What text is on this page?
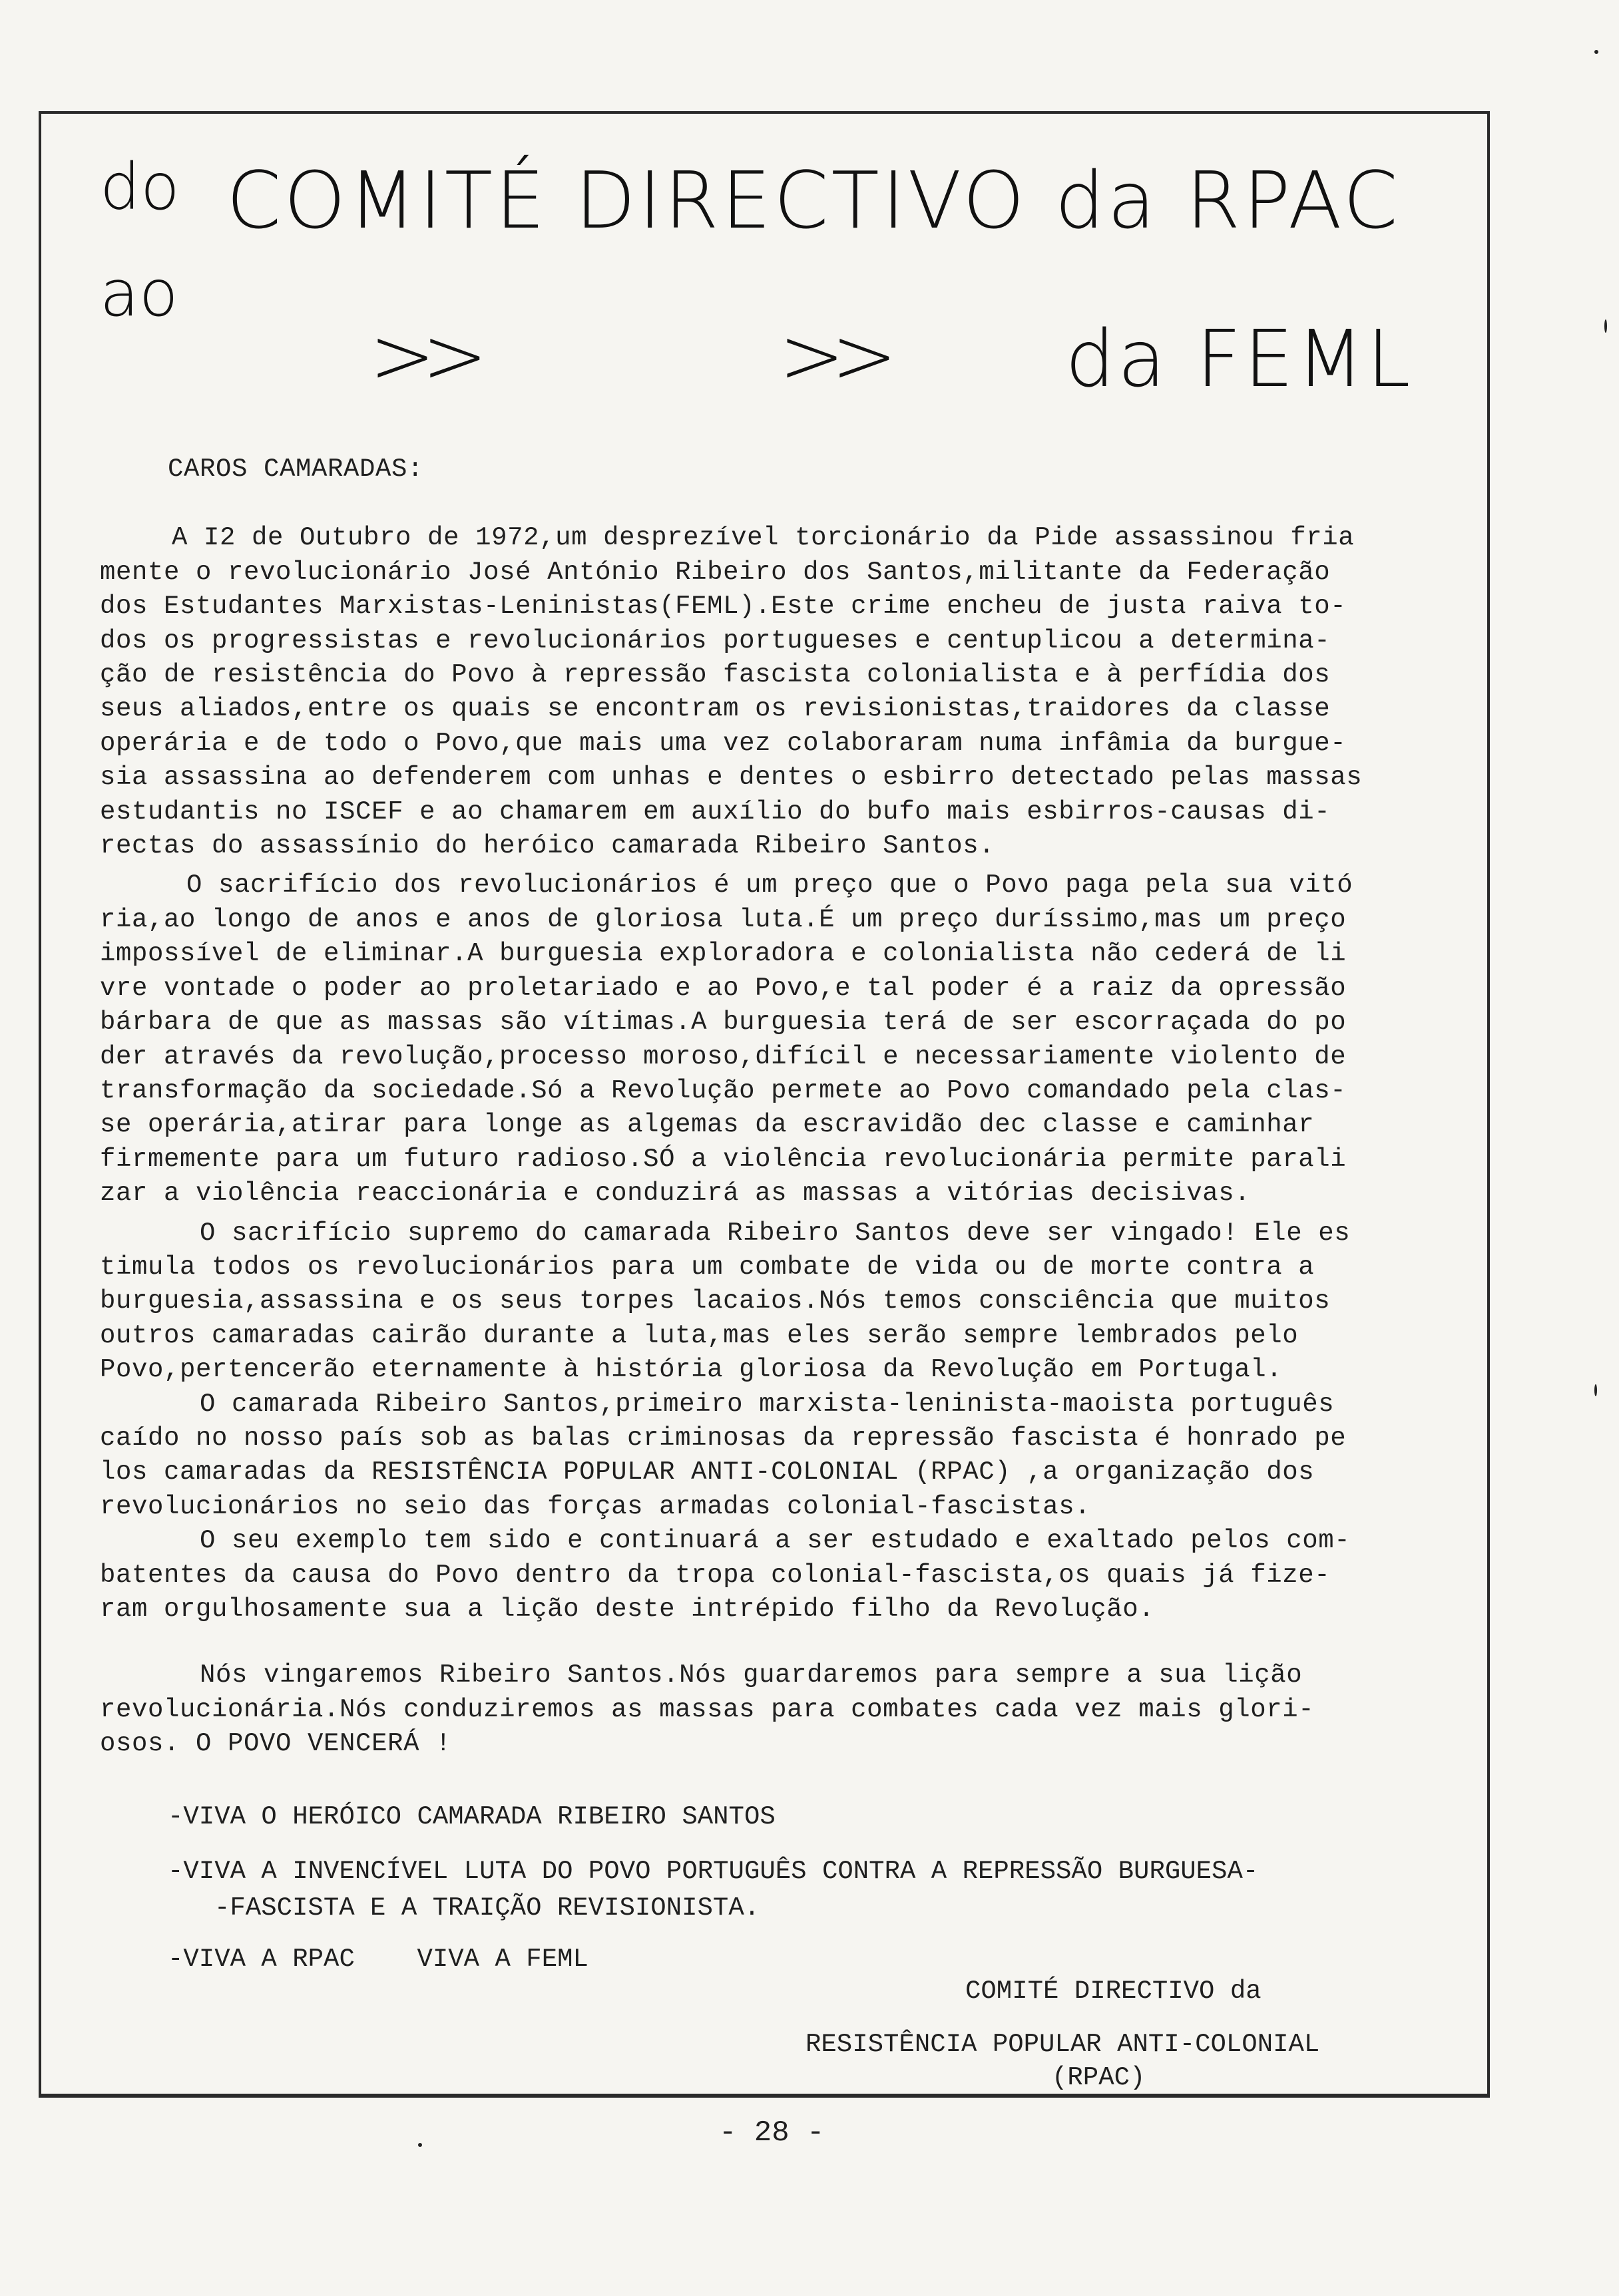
do COMITÉ DIRECTIVO da RPAC
ao
>>	>> da FEML

CAROS CAMARADAS:

A I2 de Outubro de 1972,um desprezível torcionário da Pide assassinou fria

mente o revolucionário José António Ribeiro dos Santos,militante da Federação

dos Estudantes Marxistas-Leninistas(FEML).Este crime encheu de justa raiva to-

dos os progressistas e revolucionários portugueses e centuplicou a determina-

ção de resistência do Povo à repressão fascista colonialista e à perfídia dos

seus aliados,entre os quais se encontram os revisionistas,traidores da classe

operária e de todo o Povo,que mais uma vez colaboraram numa infâmia da burgue-

sia assassina ao defenderem com unhas e dentes o esbirro detectado pelas massas

estudantis no ISCEF e ao chamarem em auxílio do bufo mais esbirros-causas di-

rectas do assassínio do heróico camarada Ribeiro Santos.

O sacrifício dos revolucionários é um preço que o Povo paga pela sua vitó

ria,ao longo de anos e anos de gloriosa luta.É um preço duríssimo,mas um preço

impossível de eliminar.A burguesia exploradora e colonialista não cederá de li

vre vontade o poder ao proletariado e ao Povo,e tal poder é a raiz da opressão

bárbara de que as massas são vítimas.A burguesia terá de ser escorraçada do po

der através da revolução,processo moroso,difícil e necessariamente violento de

transformação da sociedade.Só a Revolução permete ao Povo comandado pela clas-

se operária,atirar para longe as algemas da escravidão dec classe e caminhar

firmemente para um futuro radioso.SÓ a violência revolucionária permite parali

zar a violência reaccionária e conduzirá as massas a vitórias decisivas.

O sacrifício supremo do camarada Ribeiro Santos deve ser vingado! Ele es

timula todos os revolucionários para um combate de vida ou de morte contra a

burguesia,assassina e os seus torpes lacaios.Nós temos consciência que muitos

outros camaradas cairão durante a luta,mas eles serão sempre lembrados pelo

Povo,pertencerão eternamente à história gloriosa da Revolução em Portugal.

O camarada Ribeiro Santos,primeiro marxista-leninista-maoista português

caído no nosso país sob as balas criminosas da repressão fascista é honrado pe

los camaradas da RESISTÊNCIA POPULAR ANTI-COLONIAL (RPAC) ,a organização dos

revolucionários no seio das forças armadas colonial-fascistas.

O seu exemplo tem sido e continuará a ser estudado e exaltado pelos com-

batentes da causa do Povo dentro da tropa colonial-fascista,os quais já fize-

ram orgulhosamente sua a lição deste intrépido filho da Revolução.

Nós vingaremos Ribeiro Santos.Nós guardaremos para sempre a sua lição

revolucionária.Nós conduziremos as massas para combates cada vez mais glori-

osos. O POVO VENCERÁ !

-VIVA O HERÓICO CAMARADA RIBEIRO SANTOS
-VIVA A INVENCÍVEL LUTA DO POVO PORTUGUÊS CONTRA A REPRESSÃO BURGUESA-
-FASCISTA E A TRAIÇÃO REVISIONISTA.
-VIVA A RPAC    VIVA A FEML
COMITÉ DIRECTIVO da
RESISTÊNCIA POPULAR ANTI-COLONIAL
(RPAC)
- 28 -
